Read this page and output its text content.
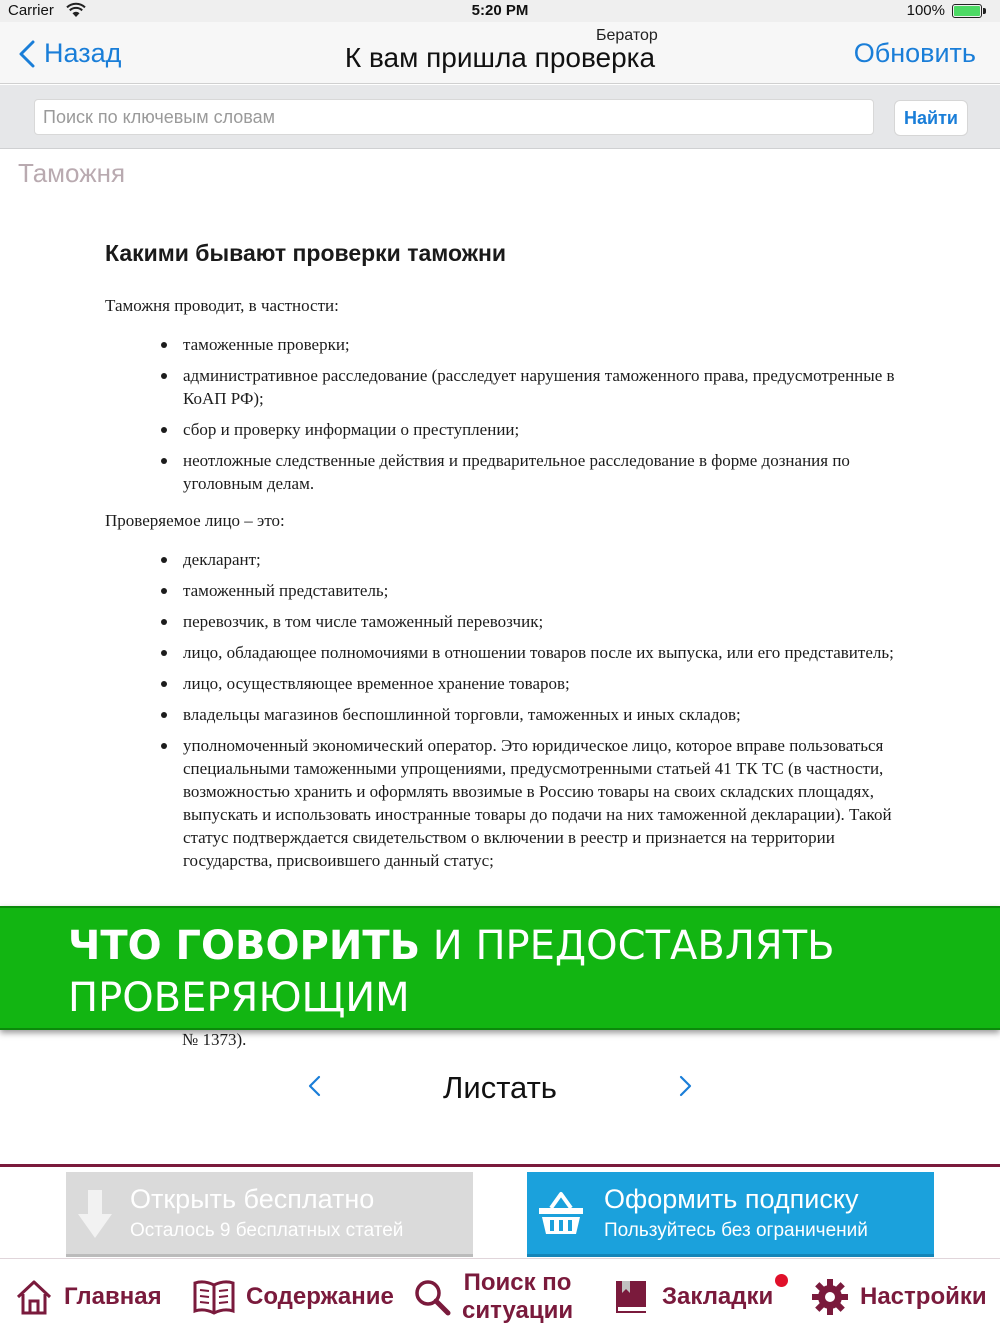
Carrier	5:20 PM	100%
Назад
Бератор
К вам пришла проверка	Обновить
Поиск по ключевым словам
Найти
Таможня
Какими бывают проверки таможни

Таможня проводит, в частности:

таможенные проверки;
административное расследование (расследует нарушения таможенного права, предусмотренные в КоАП РФ);
сбор и проверку информации о преступлении;
неотложные следственные действия и предварительное расследование в форме дознания по уголовным делам.

Проверяемое лицо – это:

декларант;
таможенный представитель;
перевозчик, в том числе таможенный перевозчик;
лицо, обладающее полномочиями в отношении товаров после их выпуска, или его представитель;
лицо, осуществляющее временное хранение товаров;
владельцы магазинов беспошлинной торговли, таможенных и иных складов;
уполномоченный экономический оператор. Это юридическое лицо, которое вправе пользоваться специальными таможенными упрощениями, предусмотренными статьей 41 ТК ТС (в частности, возможностью хранить и оформлять ввозимые в Россию товары на своих складских площадях, выпускать и использовать иностранные товары до подачи на них таможенной декларации). Такой статус подтверждается свидетельством о включении в реестр и признается на территории государства, присвоившего данный статус;
№ 1373).
ЧТО ГОВОРИТЬ И ПРЕДОСТАВЛЯТЬ ПРОВЕРЯЮЩИМ
Листать
Открыть бесплатно
Осталось 9 бесплатных статей
Оформить подписку
Пользуйтесь без ограничений
Главная	Содержание
Поиск по
ситуации
Закладки	Настройки
